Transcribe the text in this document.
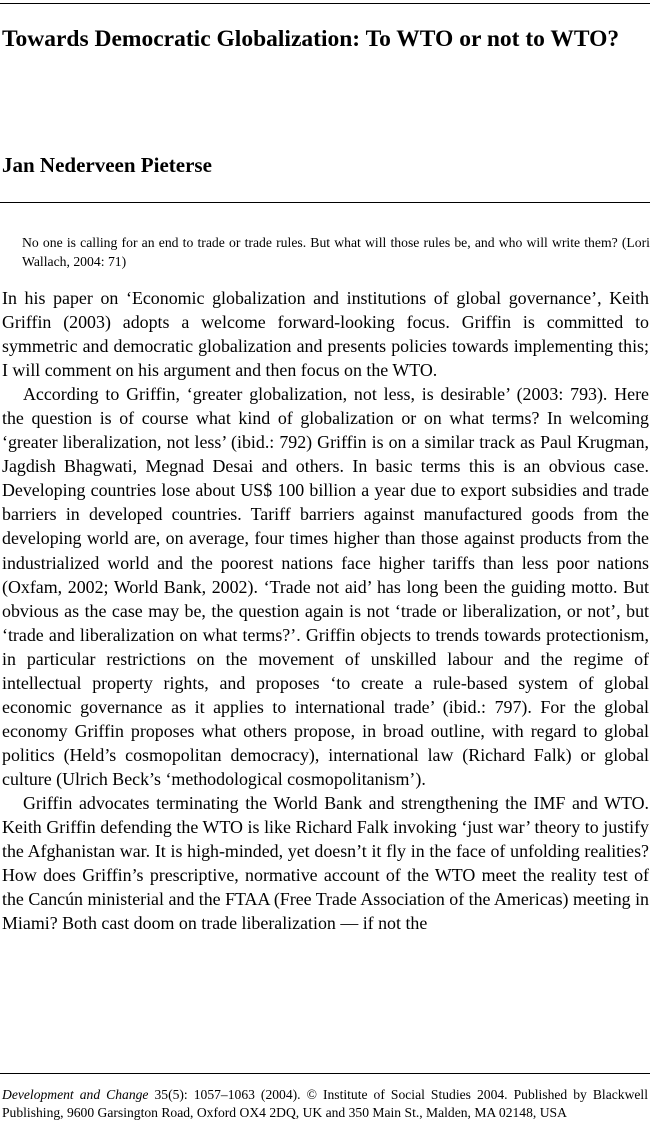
Towards Democratic Globalization: To WTO or not to WTO?
Jan Nederveen Pieterse

No one is calling for an end to trade or trade rules. But what will those rules be, and who will write them? (Lori Wallach, 2004: 71)

In his paper on ‘Economic globalization and institutions of global governance’, Keith Griffin (2003) adopts a welcome forward-looking focus. Griffin is committed to symmetric and democratic globalization and presents policies towards implementing this; I will comment on his argument and then focus on the WTO.

According to Griffin, ‘greater globalization, not less, is desirable’ (2003: 793). Here the question is of course what kind of globalization or on what terms? In welcoming ‘greater liberalization, not less’ (ibid.: 792) Griffin is on a similar track as Paul Krugman, Jagdish Bhagwati, Megnad Desai and others. In basic terms this is an obvious case. Developing countries lose about US$ 100 billion a year due to export subsidies and trade barriers in developed countries. Tariff barriers against manufactured goods from the developing world are, on average, four times higher than those against products from the industrialized world and the poorest nations face higher tariffs than less poor nations (Oxfam, 2002; World Bank, 2002). ‘Trade not aid’ has long been the guiding motto. But obvious as the case may be, the question again is not ‘trade or liberalization, or not’, but ‘trade and liberalization on what terms?’. Griffin objects to trends towards protectionism, in particular restrictions on the movement of unskilled labour and the regime of intellectual property rights, and proposes ‘to create a rule-based system of global economic governance as it applies to international trade’ (ibid.: 797). For the global economy Griffin proposes what others propose, in broad outline, with regard to global politics (Held’s cosmopolitan democracy), international law (Richard Falk) or global culture (Ulrich Beck’s ‘methodological cosmopolitanism’).

Griffin advocates terminating the World Bank and strengthening the IMF and WTO. Keith Griffin defending the WTO is like Richard Falk invoking ‘just war’ theory to justify the Afghanistan war. It is high-minded, yet doesn’t it fly in the face of unfolding realities? How does Griffin’s prescriptive, normative account of the WTO meet the reality test of the Cancún ministerial and the FTAA (Free Trade Association of the Americas) meeting in Miami? Both cast doom on trade liberalization — if not the

Development and Change 35(5): 1057–1063 (2004). © Institute of Social Studies 2004. Published by Blackwell Publishing, 9600 Garsington Road, Oxford OX4 2DQ, UK and 350 Main St., Malden, MA 02148, USA
